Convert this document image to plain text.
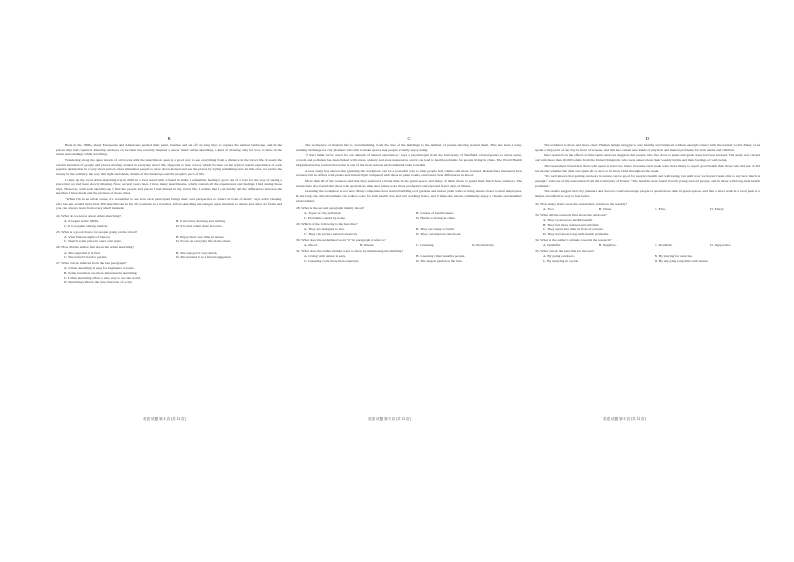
B

Back in the 1800s, many Europeans and Americans packed their paint, brushes and set off on long trips to capture the natural landscape, and lit the places they had captured. Painting outdoors on location has recently inspired a newer trend: urban sketching, a kind of drawing only for love to draw in the urban surroundings while travelling.

Wandering along the quiet streets of old towns with the sketchbook open is a good way to see everything from a distance in the travel life. It needs the careful attention of people and places moving around in everyday street life. Opposite to that, travel, which focuses on the typical tourist experience of each popular destination in a very short period, often stimulates people to slow down instead and see the places by trying something new. In this case, we notice the beauty in the ordinary, the way that light and shade, details of the landscape and the people's pace of life.

I came up my local urban sketching trip in 2020 in a food stand with a friend in India. I remember feeling it grow out of a love for the way of seeing a place that we had been slowly missing. Now, several years later, I have many sketchbooks, which contain all the experiences and feelings I had during those trips. However, with each sketchbook, I find the people and places I had missed in my travel life. I realize that I can hardly tell the differences between the sketches I have made and the pictures of those cities.

"When I'm in an urban scene, it's wonderful to see how each participant brings their own perspective to what's in front of them," says Alice Cheung, who has put around more than 300 sketchbooks in her 20 countries as a traveller. Urban sketching encourages open attention to nature and other art forms and you can always learn from every small moment.

24. What do we know about urban sketching?
A. It began in the 1800s.	B. It involves drawing and writing.
C. It is popular among tourists.	D. It is best when done in towns.
25. What is a good choice for people going on the travel?
A. Visit famous sights of history.	B. Enjoy their own time in nature.
C. Sketch some place in one's own style.	D. Focus on everyday life in the street.
26. How did the author feel about the urban sketching?
A. She regretted it at first.	B. She enjoyed it very much.
C. She found it hard to persist.	D. She learned it as a friend suggested.
27. What can be inferred from the last paragraph?
A. Urban sketching is easy for beginners to learn.
B. Some travellers are more interested in sketching.
C. Urban sketching offers a new way to see the world.
D. Sketching reflects the true character of a city.
C

The workplace of modern life is overwhelming, from the size of the buildings to the number of people moving around them. This has been a long-running challenge for city planners who aim to make spaces that people actually enjoy using.

"I don't think we've cared for our amount of natural experience," says a psychologist from the University of Sheffield. Overexposure to urban noise, crowds and pollution has been linked with stress, anxiety and even depression, and it can lead to health problems for people living in cities. The World Health Organization has warned that noise is one of the most serious environmental risks to health.

A new study has shown that greening the workplace can be a powerful way to help people feel calmer and more focused. Researchers measured how workers felt in offices with plants and natural light compared with those in plain rooms, and found clear differences in mood.

More than 60 of the workers said that they preferred a break time in the green space, and many of them chose to spend their lunch hour outdoors. The researchers also found that those who spent more time near plants were more productive and reported fewer days of illness.

Greening the workplace is not new. Many companies have started building roof gardens and indoor plant walls to bring nature closer to their employees. In the long run, this investment can reduce costs for both health care and lost working hours, and it helps the whole community enjoy a cleaner and healthier environment.

28. What is the second paragraph mainly about?
A. Types of city pollution.	B. Causes of health issues.
C. Problems caused by noise.	D. Harms to living in cities.
29. Which of the following is the best title?
A. They are designed to last.	B. They are cheap to build.
C. They can protect natural resources.	D. They can improve the mood.
30. What does the underlined word "it" in paragraph 4 refer to?
A. Mood.	B. Illness.	C. Greening.	D. Productivity.
31. What does the author mainly want to show by mentioning the building?
A. Living with nature is easy.	B. Greening cities benefits people.
C. Greening costs more than expected.	D. The largest garden is the best.
D

The evidence is more and more clear: Human beings struggle to stay healthy and balanced without enough contact with the natural world. Many of us spend a large part of our day in front of screens, and this has caused new kinds of physical and mental problems for both adults and children.

New research on the effects of time spent outdoors suggests that people who live close to parks and green areas feel less stressed. The study was carried out with more than 20,000 adults from the United Kingdom, who were asked about their weekly habits and their feelings of well-being.

The researchers found that those who spent at least two hours in nature each week were more likely to report good health than those who did not. It did not matter whether the time was spent all at once or in short visits throughout the week.

"It's well known that getting outdoors in nature can be good for people's health and well-being, but until now we haven't been able to say how much is enough," said one of the researchers from the University of Exeter. "The benefits were found in both young and old people, and in those with long-term health problems."

The results suggest that city planners and doctors could encourage people to spend more time in green spaces, and that a short walk in a local park is a simple and effective way to feel better.

32. How many hours were the researchers' results in the weekly?
A. Two.	B. Three.	C. Five.	D. Thirty.
33. What did the research find about the outdoors?
A. They received no health benefit.
B. They felt more relaxed and satisfied.
C. They spent less time in front of screens.
D. They had fewer long-term health problems.
34. What is the author's attitude towards the research?
A. Doubtful.	B. Negative.	C. Doubtful.	D. Supportive.
35. What can be the best title for the text?
A. By going outdoors.	B. By playing for exercise.
C. By studying in a park.	D. By enjoying long time with nature.
英语 试题 第 4 页 (共 12 页)	英语 试题 第 5 页 (共 12 页)	英语 试题 第 6 页 (共 12 页)
